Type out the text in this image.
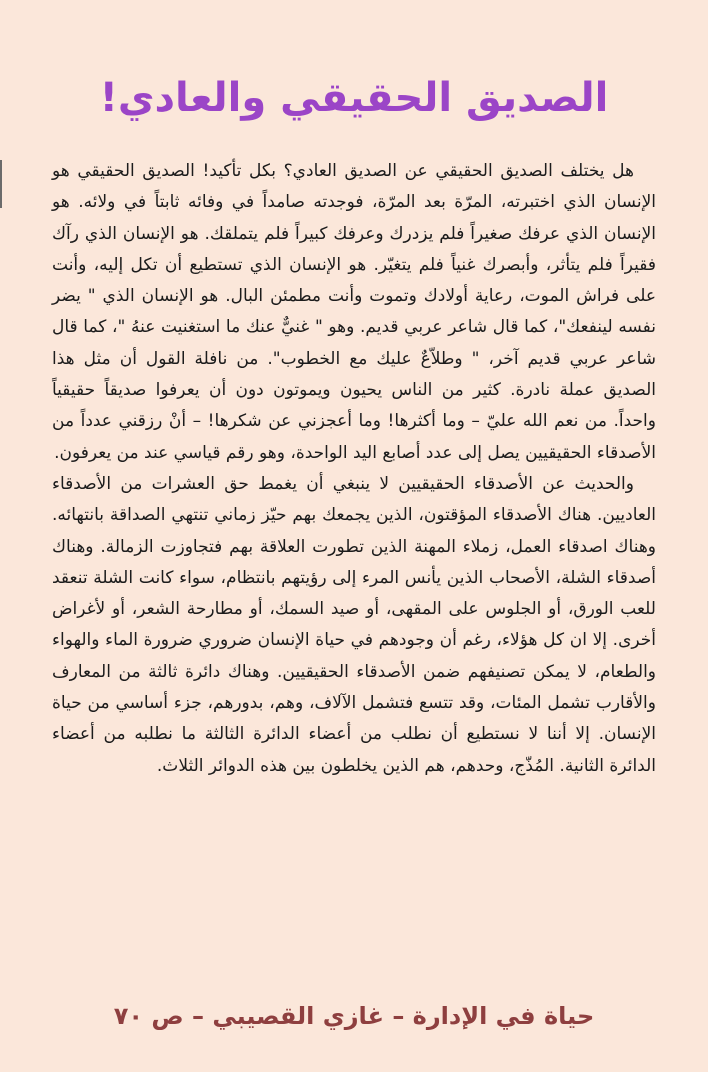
الصديق الحقيقي والعادي!

هل يختلف الصديق الحقيقي عن الصديق العادي؟ بكل تأكيد! الصديق الحقيقي هو الإنسان الذي اختبرته، المرّة بعد المرّة، فوجدته صامداً في وفائه ثابتاً في ولائه. هو الإنسان الذي عرفك صغيراً فلم يزدرك وعرفك كبيراً فلم يتملقك. هو الإنسان الذي رآك فقيراً فلم يتأثر، وأبصرك غنياً فلم يتغيّر. هو الإنسان الذي تستطيع أن تكل إليه، وأنت على فراش الموت، رعاية أولادك وتموت وأنت مطمئن البال. هو الإنسان الذي " يضر نفسه لينفعك"، كما قال شاعر عربي قديم. وهو " غنيٌّ عنك ما استغنيت عنهُ "، كما قال شاعر عربي قديم آخر، " وطلاّعٌ عليك مع الخطوب". من نافلة القول أن مثل هذا الصديق عملة نادرة. كثير من الناس يحيون ويموتون دون أن يعرفوا صديقاً حقيقياً واحداً. من نعم الله عليّ – وما أكثرها! وما أعجزني عن شكرها! – أنْ رزقني عدداً من الأصدقاء الحقيقيين يصل إلى عدد أصابع اليد الواحدة، وهو رقم قياسي عند من يعرفون.

والحديث عن الأصدقاء الحقيقيين لا ينبغي أن يغمط حق العشرات من الأصدقاء العاديين. هناك الأصدقاء المؤقتون، الذين يجمعك بهم حيّز زماني تنتهي الصداقة بانتهائه. وهناك اصدقاء العمل، زملاء المهنة الذين تطورت العلاقة بهم فتجاوزت الزمالة. وهناك أصدقاء الشلة، الأصحاب الذين يأنس المرء إلى رؤيتهم بانتظام، سواء كانت الشلة تنعقد للعب الورق، أو الجلوس على المقهى، أو صيد السمك، أو مطارحة الشعر، أو لأغراض أخرى. إلا ان كل هؤلاء، رغم أن وجودهم في حياة الإنسان ضروري ضرورة الماء والهواء والطعام، لا يمكن تصنيفهم ضمن الأصدقاء الحقيقيين. وهناك دائرة ثالثة من المعارف والأقارب تشمل المئات، وقد تتسع فتشمل الآلاف، وهم، بدورهم، جزء أساسي من حياة الإنسان. إلا أننا لا نستطيع أن نطلب من أعضاء الدائرة الثالثة ما نطلبه من أعضاء الدائرة الثانية. المُذّج، وحدهم، هم الذين يخلطون بين هذه الدوائر الثلاث.

حياة في الإدارة – غازي القصيبي – ص ٧٠
